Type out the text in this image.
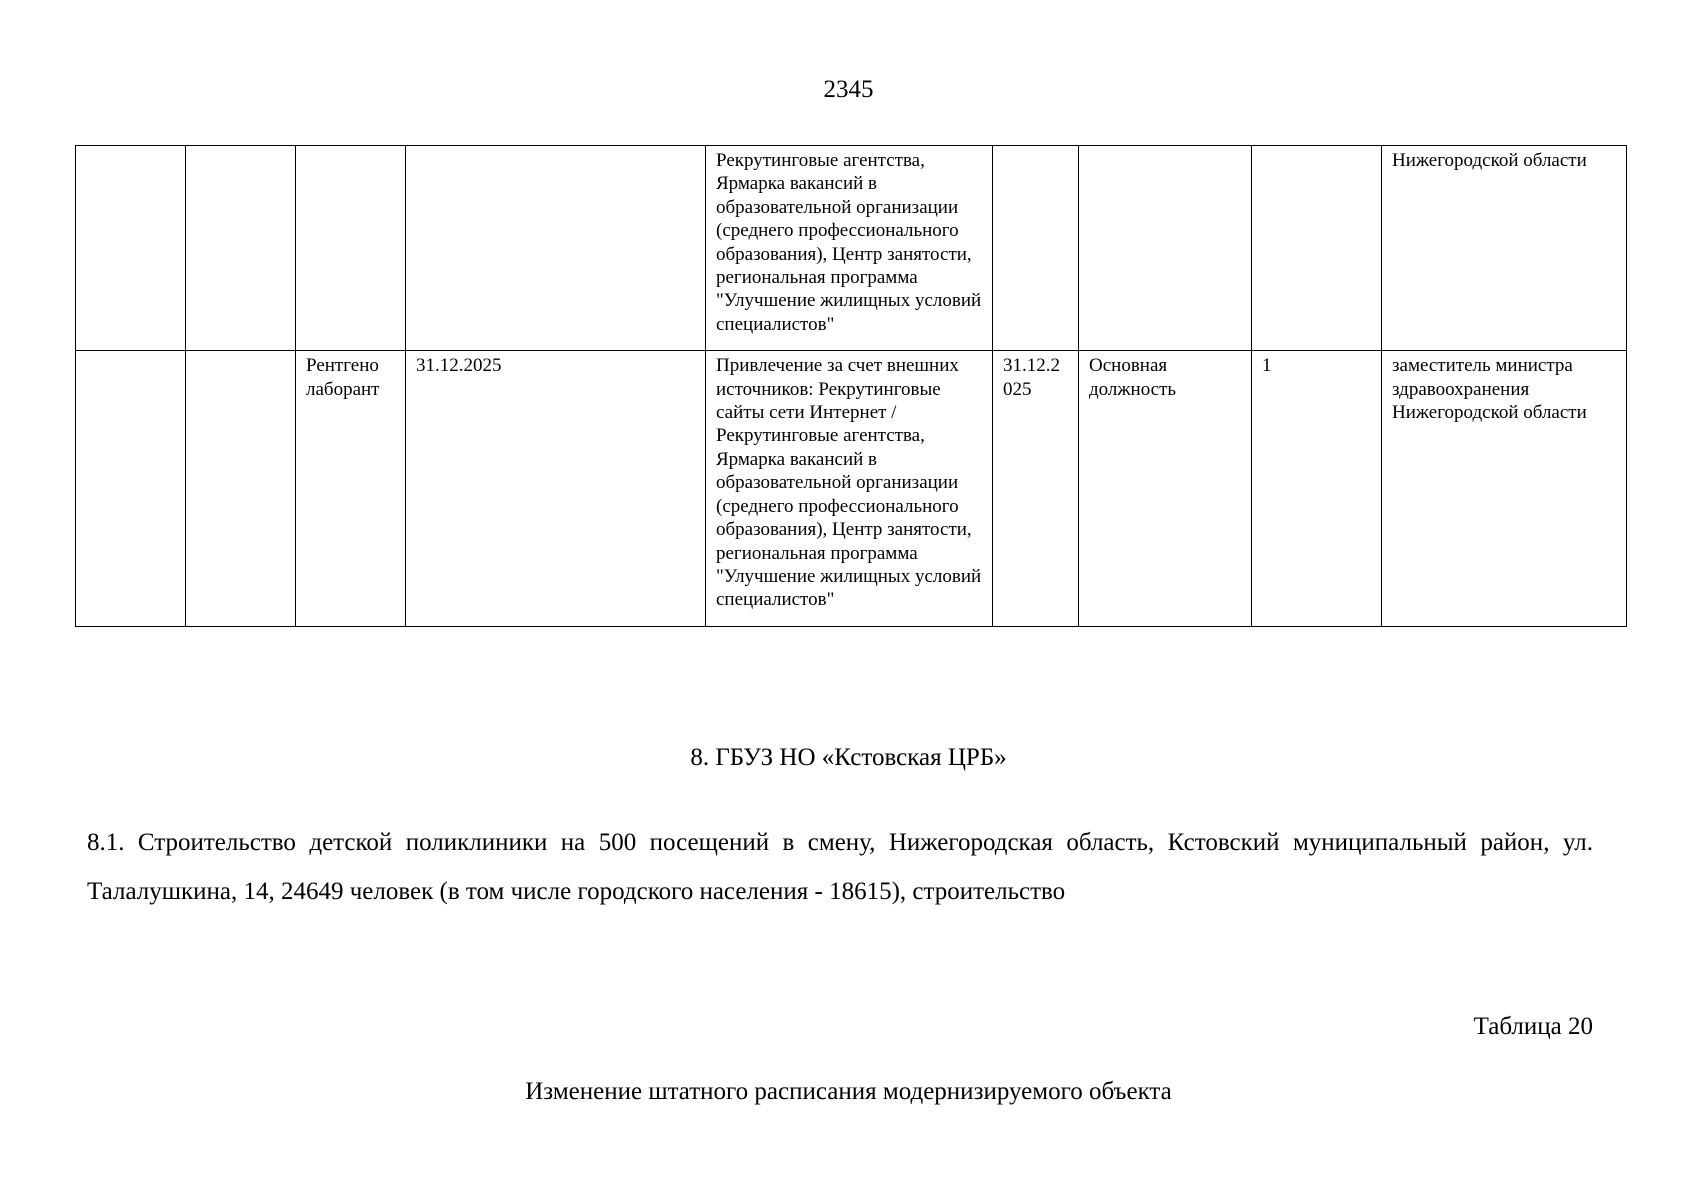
2345
				Рекрутинговые агентства, Ярмарка вакансий в образовательной организации (среднего профессионального образования), Центр занятости, региональная программа "Улучшение жилищных условий специалистов"				Нижегородской области
		Рентгено лаборант	31.12.2025	Привлечение за счет внешних источников: Рекрутинговые сайты сети Интернет / Рекрутинговые агентства, Ярмарка вакансий в образовательной организации (среднего профессионального образования), Центр занятости, региональная программа "Улучшение жилищных условий специалистов"	31.12.2025	Основная должность	1	заместитель министра здравоохранения Нижегородской области
8. ГБУЗ НО «Кстовская ЦРБ»
8.1. Строительство детской поликлиники на 500 посещений в смену, Нижегородская область, Кстовский муниципальный район, ул. Талалушкина, 14, 24649 человек (в том числе городского населения - 18615), строительство
Таблица 20
Изменение штатного расписания модернизируемого объекта
